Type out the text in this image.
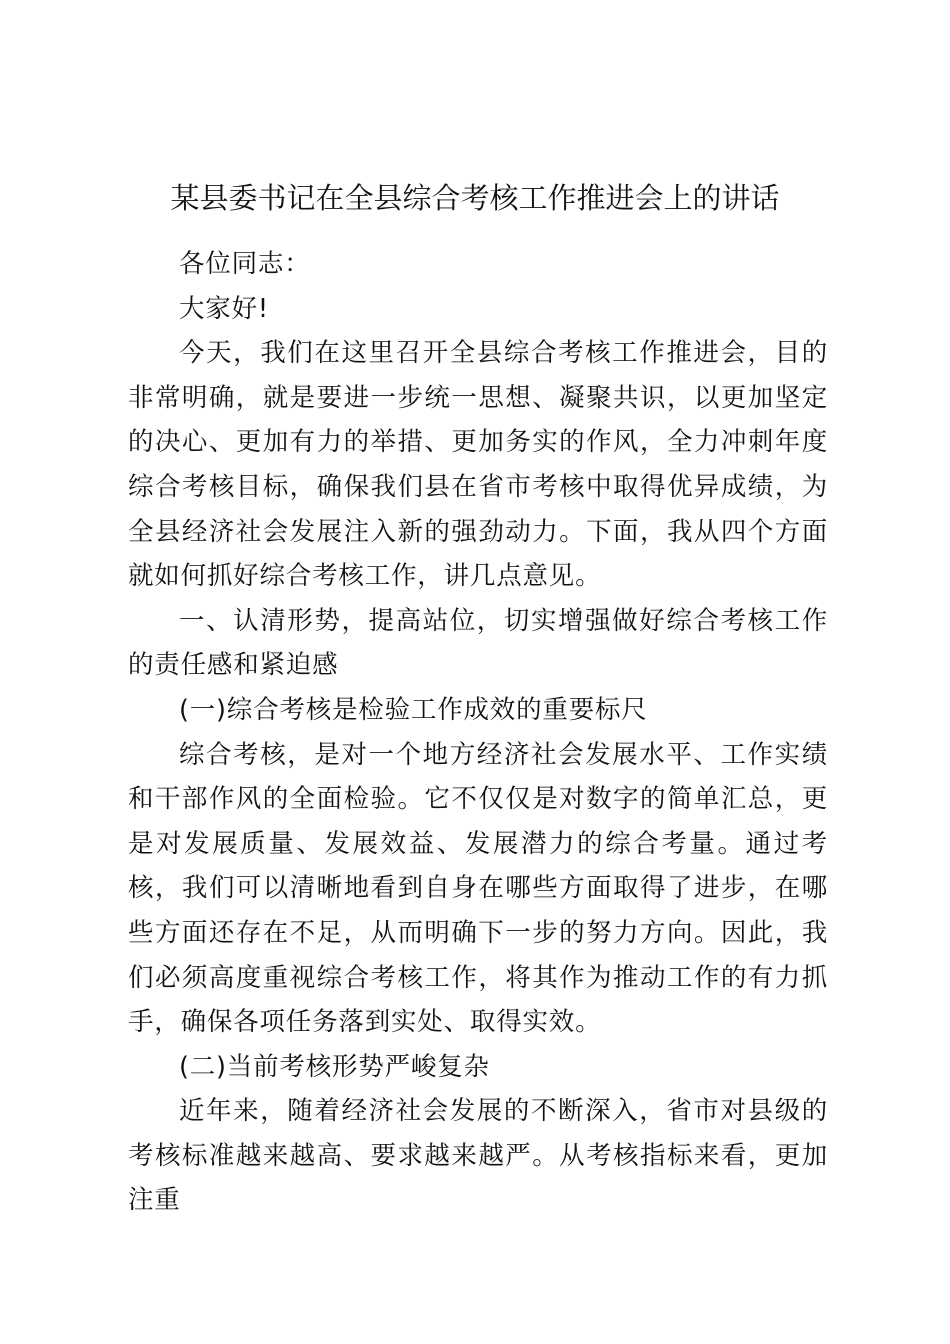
某县委书记在全县综合考核工作推进会上的讲话

各位同志：

大家好!

今天，我们在这里召开全县综合考核工作推进会，目的非常明确，就是要进一步统一思想、凝聚共识，以更加坚定的决心、更加有力的举措、更加务实的作风，全力冲刺年度综合考核目标，确保我们县在省市考核中取得优异成绩，为全县经济社会发展注入新的强劲动力。下面，我从四个方面就如何抓好综合考核工作，讲几点意见。

一、认清形势，提高站位，切实增强做好综合考核工作的责任感和紧迫感

(一)综合考核是检验工作成效的重要标尺

综合考核，是对一个地方经济社会发展水平、工作实绩和干部作风的全面检验。它不仅仅是对数字的简单汇总，更是对发展质量、发展效益、发展潜力的综合考量。通过考核，我们可以清晰地看到自身在哪些方面取得了进步，在哪些方面还存在不足，从而明确下一步的努力方向。因此，我们必须高度重视综合考核工作，将其作为推动工作的有力抓手，确保各项任务落到实处、取得实效。

(二)当前考核形势严峻复杂

近年来，随着经济社会发展的不断深入，省市对县级的考核标准越来越高、要求越来越严。从考核指标来看，更加注重
